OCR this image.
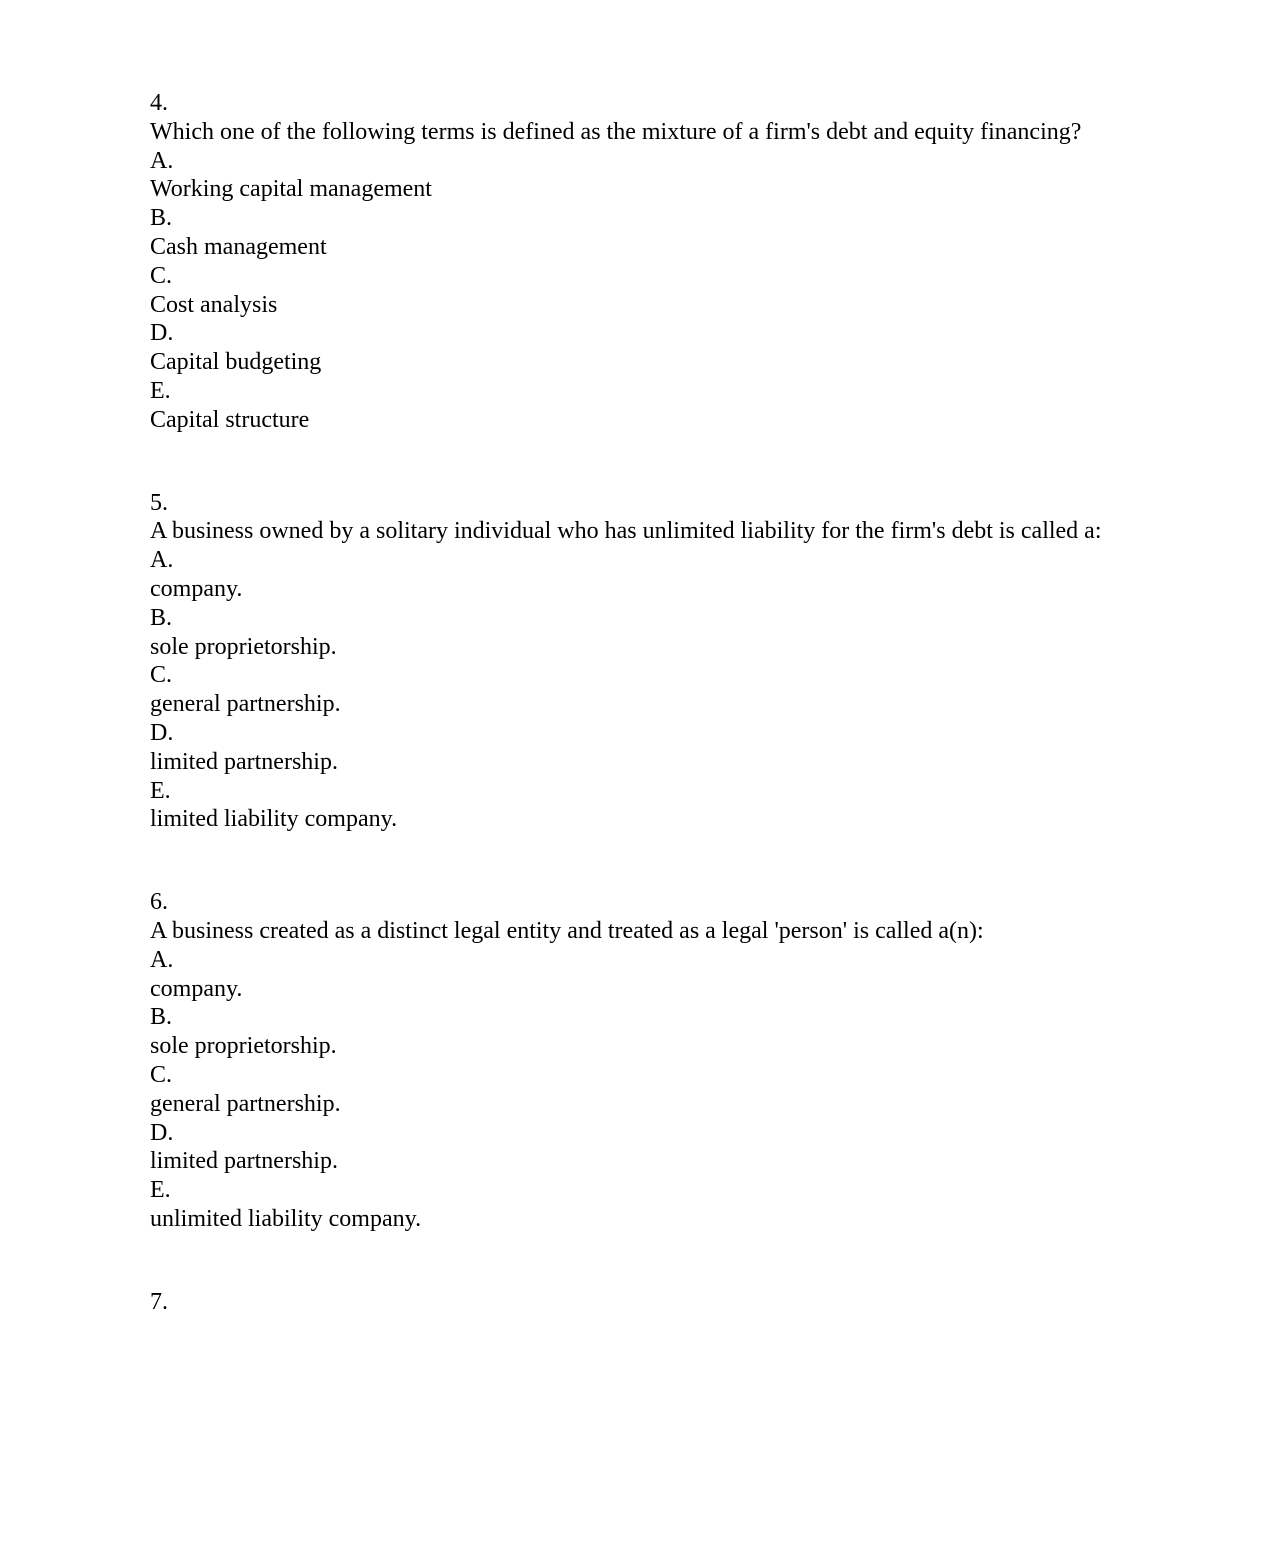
4.
Which one of the following terms is defined as the mixture of a firm's debt and equity financing?
A.
Working capital management
B.
Cash management
C.
Cost analysis
D.
Capital budgeting
E.
Capital structure
5.
A business owned by a solitary individual who has unlimited liability for the firm's debt is called a:
A.
company.
B.
sole proprietorship.
C.
general partnership.
D.
limited partnership.
E.
limited liability company.
6.
A business created as a distinct legal entity and treated as a legal 'person' is called a(n):
A.
company.
B.
sole proprietorship.
C.
general partnership.
D.
limited partnership.
E.
unlimited liability company.
7.
